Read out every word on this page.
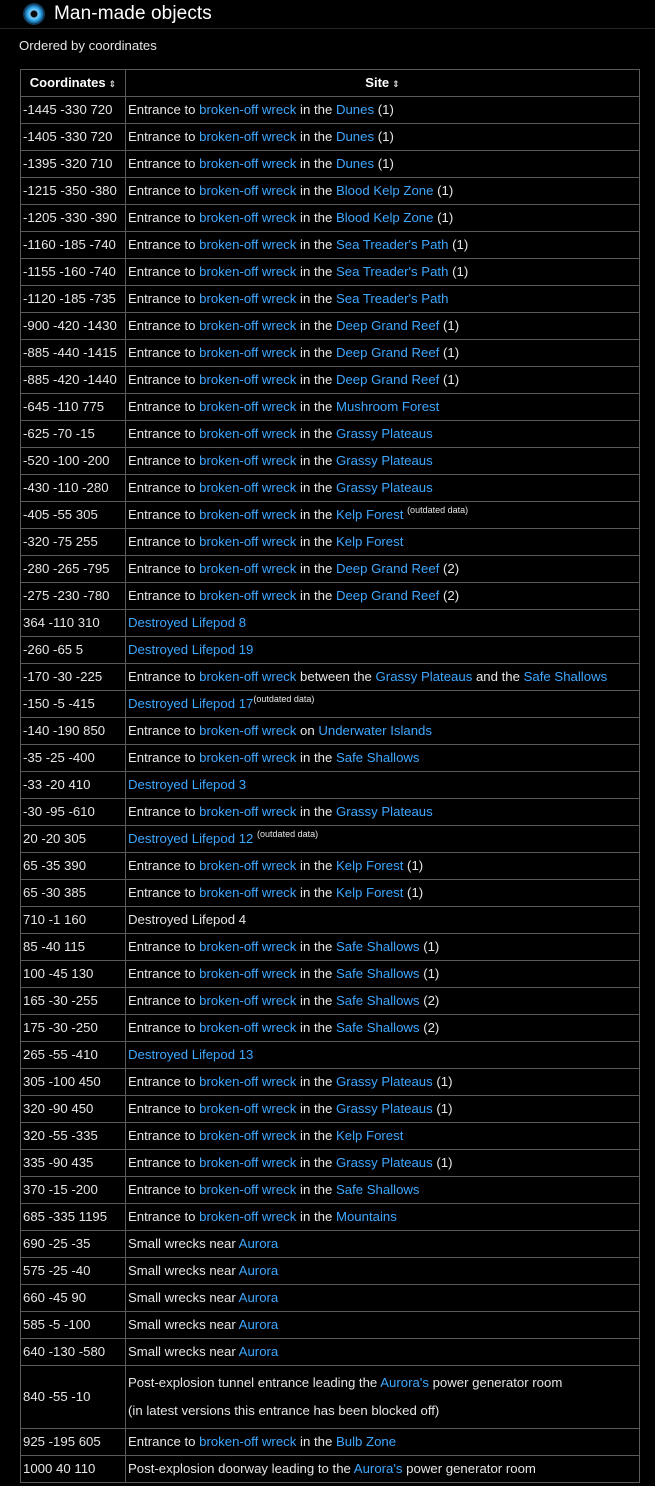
Man-made objects
Ordered by coordinates
Coordinates ⇕	Site ⇕
-1445 -330 720	Entrance to broken-off wreck in the Dunes (1)
-1405 -330 720	Entrance to broken-off wreck in the Dunes (1)
-1395 -320 710	Entrance to broken-off wreck in the Dunes (1)
-1215 -350 -380	Entrance to broken-off wreck in the Blood Kelp Zone (1)
-1205 -330 -390	Entrance to broken-off wreck in the Blood Kelp Zone (1)
-1160 -185 -740	Entrance to broken-off wreck in the Sea Treader's Path (1)
-1155 -160 -740	Entrance to broken-off wreck in the Sea Treader's Path (1)
-1120 -185 -735	Entrance to broken-off wreck in the Sea Treader's Path
-900 -420 -1430	Entrance to broken-off wreck in the Deep Grand Reef (1)
-885 -440 -1415	Entrance to broken-off wreck in the Deep Grand Reef (1)
-885 -420 -1440	Entrance to broken-off wreck in the Deep Grand Reef (1)
-645 -110 775	Entrance to broken-off wreck in the Mushroom Forest
-625 -70 -15	Entrance to broken-off wreck in the Grassy Plateaus
-520 -100 -200	Entrance to broken-off wreck in the Grassy Plateaus
-430 -110 -280	Entrance to broken-off wreck in the Grassy Plateaus
-405 -55 305	Entrance to broken-off wreck in the Kelp Forest $^{(outdated data)}$
-320 -75 255	Entrance to broken-off wreck in the Kelp Forest
-280 -265 -795	Entrance to broken-off wreck in the Deep Grand Reef (2)
-275 -230 -780	Entrance to broken-off wreck in the Deep Grand Reef (2)
364 -110 310	Destroyed Lifepod 8
-260 -65 5	Destroyed Lifepod 19
-170 -30 -225	Entrance to broken-off wreck between the Grassy Plateaus and the Safe Shallows
-150 -5 -415	Destroyed Lifepod $17^{(outdated data)}$
-140 -190 850	Entrance to broken-off wreck on Underwater Islands
-35 -25 -400	Entrance to broken-off wreck in the Safe Shallows
-33 -20 410	Destroyed Lifepod 3
-30 -95 -610	Entrance to broken-off wreck in the Grassy Plateaus
20 -20 305	Destroyed Lifepod 12 $^{(outdated data)}$
65 -35 390	Entrance to broken-off wreck in the Kelp Forest (1)
65 -30 385	Entrance to broken-off wreck in the Kelp Forest (1)
710 -1 160	Destroyed Lifepod 4
85 -40 115	Entrance to broken-off wreck in the Safe Shallows (1)
100 -45 130	Entrance to broken-off wreck in the Safe Shallows (1)
165 -30 -255	Entrance to broken-off wreck in the Safe Shallows (2)
175 -30 -250	Entrance to broken-off wreck in the Safe Shallows (2)
265 -55 -410	Destroyed Lifepod 13
305 -100 450	Entrance to broken-off wreck in the Grassy Plateaus (1)
320 -90 450	Entrance to broken-off wreck in the Grassy Plateaus (1)
320 -55 -335	Entrance to broken-off wreck in the Kelp Forest
335 -90 435	Entrance to broken-off wreck in the Grassy Plateaus (1)
370 -15 -200	Entrance to broken-off wreck in the Safe Shallows
685 -335 1195	Entrance to broken-off wreck in the Mountains
690 -25 -35	Small wrecks near Aurora
575 -25 -40	Small wrecks near Aurora
660 -45 90	Small wrecks near Aurora
585 -5 -100	Small wrecks near Aurora
640 -130 -580	Small wrecks near Aurora
840 -55 -10	Post-explosion tunnel entrance leading the Aurora's power generator room
(in latest versions this entrance has been blocked off)
925 -195 605	Entrance to broken-off wreck in the Bulb Zone
1000 40 110	Post-explosion doorway leading to the Aurora's power generator room
